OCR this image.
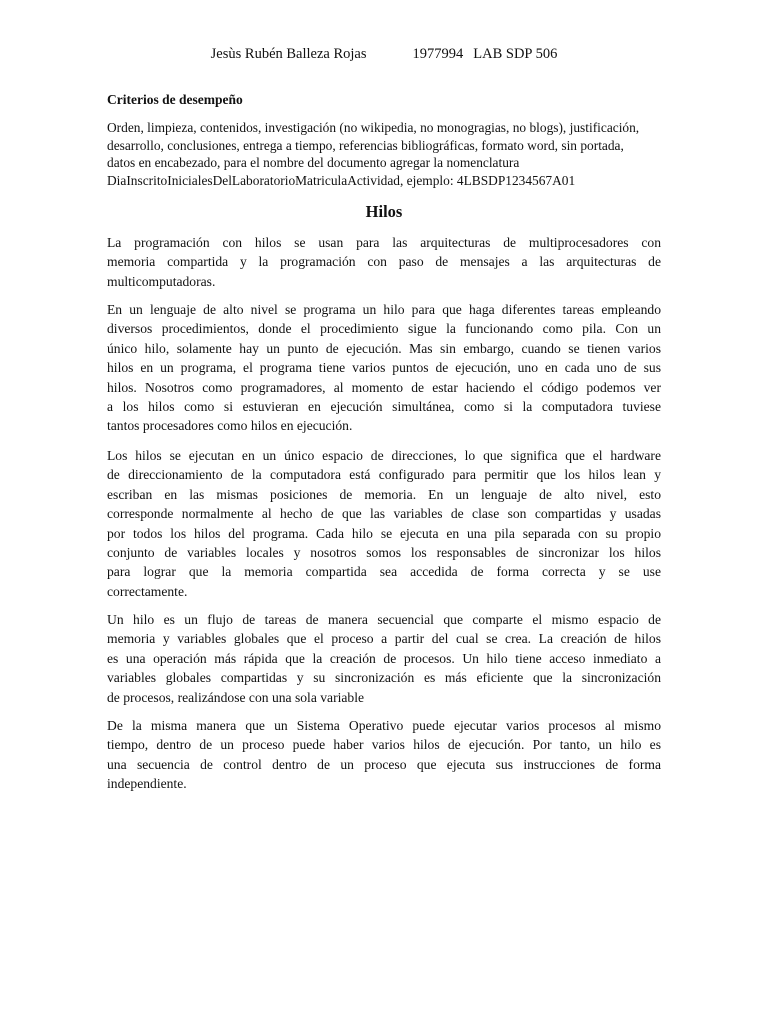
Jesùs Rubén Balleza Rojas	1977994 LAB SDP 506
Criterios de desempeño
Orden, limpieza, contenidos, investigación (no wikipedia, no monogragias, no blogs), justificación,
desarrollo, conclusiones, entrega a tiempo, referencias bibliográficas, formato word, sin portada,
datos en encabezado, para el nombre del documento agregar la nomenclatura
DiaInscritoInicialesDelLaboratorioMatriculaActividad, ejemplo: 4LBSDP1234567A01
Hilos
La programación con hilos se usan para las arquitecturas de multiprocesadores con
memoria compartida y la programación con paso de mensajes a las arquitecturas de
multicomputadoras.
En un lenguaje de alto nivel se programa un hilo para que haga diferentes tareas empleando
diversos procedimientos, donde el procedimiento sigue la funcionando como pila. Con un
único hilo, solamente hay un punto de ejecución. Mas sin embargo, cuando se tienen varios
hilos en un programa, el programa tiene varios puntos de ejecución, uno en cada uno de sus
hilos. Nosotros como programadores, al momento de estar haciendo el código podemos ver
a los hilos como si estuvieran en ejecución simultánea, como si la computadora tuviese
tantos procesadores como hilos en ejecución.
Los hilos se ejecutan en un único espacio de direcciones, lo que significa que el hardware
de direccionamiento de la computadora está configurado para permitir que los hilos lean y
escriban en las mismas posiciones de memoria. En un lenguaje de alto nivel, esto
corresponde normalmente al hecho de que las variables de clase son compartidas y usadas
por todos los hilos del programa. Cada hilo se ejecuta en una pila separada con su propio
conjunto de variables locales y nosotros somos los responsables de sincronizar los hilos
para lograr que la memoria compartida sea accedida de forma correcta y se use
correctamente.
Un hilo es un flujo de tareas de manera secuencial que comparte el mismo espacio de
memoria y variables globales que el proceso a partir del cual se crea. La creación de hilos
es una operación más rápida que la creación de procesos. Un hilo tiene acceso inmediato a
variables globales compartidas y su sincronización es más eficiente que la sincronización
de procesos, realizándose con una sola variable
De la misma manera que un Sistema Operativo puede ejecutar varios procesos al mismo
tiempo, dentro de un proceso puede haber varios hilos de ejecución. Por tanto, un hilo es
una secuencia de control dentro de un proceso que ejecuta sus instrucciones de forma
independiente.
